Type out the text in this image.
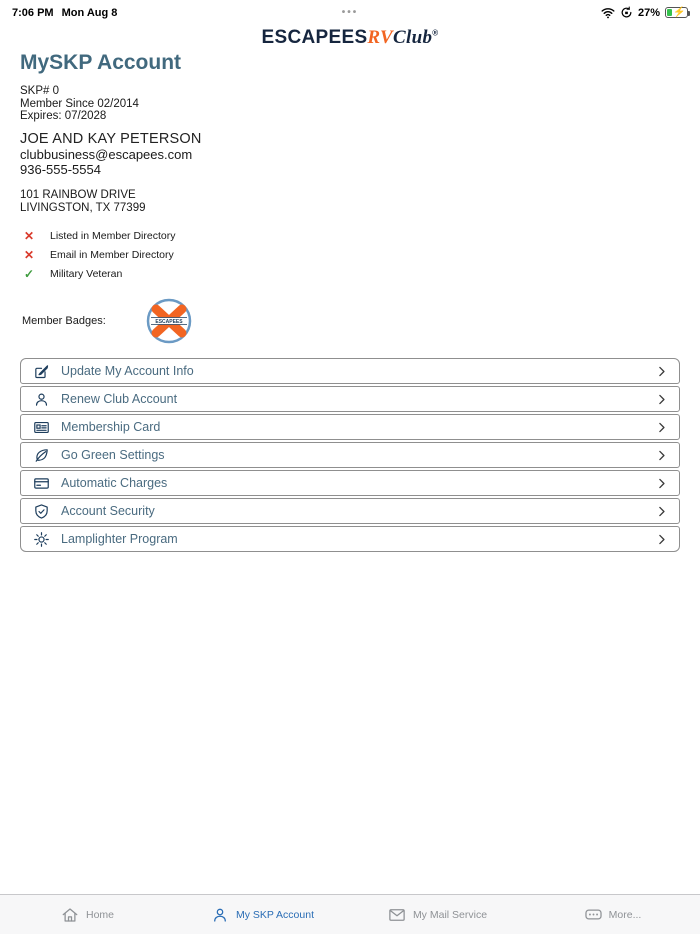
7:06 PM Mon Aug 8	•••	27% ⚡
ESCAPEESRVClub®
MySKP Account
SKP# 0
Member Since 02/2014
Expires: 07/2028
JOE AND KAY PETERSON
clubbusiness@escapees.com
936-555-5554
101 RAINBOW DRIVE
LIVINGSTON, TX 77399
✕	Listed in Member Directory
✕	Email in Member Directory
✓	Military Veteran
Member Badges:	ESCAPEES
Update My Account Info
Renew Club Account
Membership Card
Go Green Settings
Automatic Charges
Account Security
Lamplighter Program
Home	My SKP Account	My Mail Service	More...
